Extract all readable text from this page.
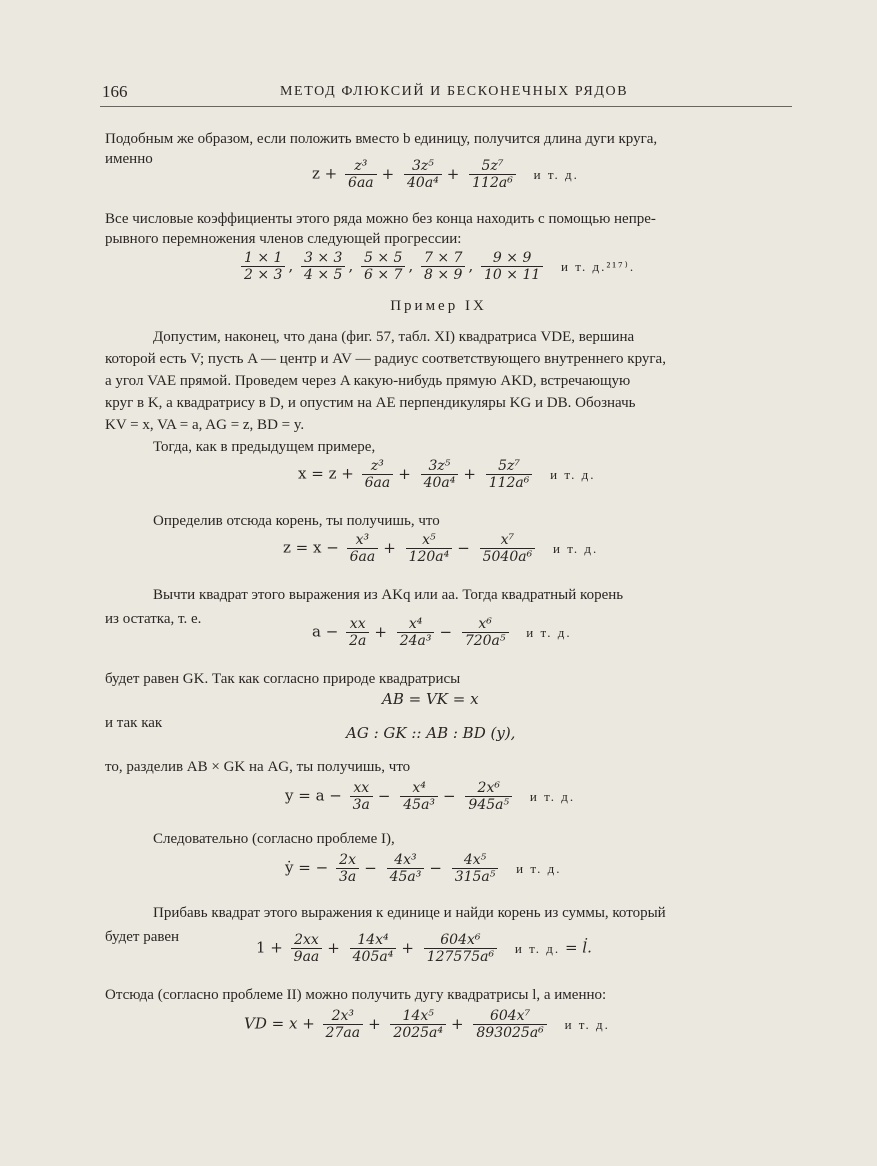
166	МЕТОД ФЛЮКСИЙ И БЕСКОНЕЧНЫХ РЯДОВ
Подобным же образом, если положить вместо b единицу, получится длина дуги круга,
именно
$z + \frac{\text{z³}}{6aa} + \frac{\text{3z⁵}}{\text{40a⁴}} + \frac{\text{5z⁷}}{\text{112a⁶}}$ и т. д.
Все числовые коэффициенты этого ряда можно без конца находить с помощью непре-
рывного перемножения членов следующей прогрессии:
$\frac{1 \times 1}{2 \times 3}$ , $\frac{3 \times 3}{4 \times 5}$ , $\frac{5 \times 5}{6 \times 7}$ , $\frac{7 \times 7}{8 \times 9}$ , $\frac{9 \times 9}{10 \times 11}$ и т. д.²¹⁷⁾.
Пример IX
Допустим, наконец, что дана (фиг. 57, табл. XI) квадратриса VDE, вершина
которой есть V; пусть A — центр и AV — радиус соответствующего внутреннего круга,
а угол VAE прямой. Проведем через A какую-нибудь прямую AKD, встречающую
круг в K, а квадратрису в D, и опустим на AE перпендикуляры KG и DB. Обозначь
KV = x, VA = a, AG = z, BD = y.
Тогда, как в предыдущем примере,
$x = z + \frac{\text{z³}}{6aa} + \frac{\text{3z⁵}}{\text{40a⁴}} + \frac{\text{5z⁷}}{\text{112a⁶}}$ и т. д.
Определив отсюда корень, ты получишь, что
$z = x - \frac{\text{x³}}{6aa} + \frac{\text{x⁵}}{\text{120a⁴}} - \frac{\text{x⁷}}{\text{5040a⁶}}$ и т. д.
Вычти квадрат этого выражения из AKq или aa. Тогда квадратный корень
из остатка, т. е.
$a - \frac{xx}{2a} + \frac{\text{x⁴}}{\text{24a³}} - \frac{\text{x⁶}}{\text{720a⁵}}$ и т. д.
будет равен GK. Так как согласно природе квадратрисы
AB = VK = x
и так как
AG : GK :: AB : BD (y),
то, разделив AB × GK на AG, ты получишь, что
$y = a - \frac{xx}{3a} - \frac{\text{x⁴}}{\text{45a³}} - \frac{\text{2x⁶}}{\text{945a⁵}}$ и т. д.
Следовательно (согласно проблеме I),
ẏ = − $\frac{2x}{3a} - \frac{\text{4x³}}{\text{45a³}} - \frac{\text{4x⁵}}{\text{315a⁵}}$ и т. д.
Прибавь квадрат этого выражения к единице и найди корень из суммы, который
будет равен
$1 + \frac{2xx}{9aa} + \frac{\text{14x⁴}}{\text{405a⁴}} + \frac{\text{604x⁶}}{\text{127575a⁶}}$ и т. д. = l̇.
Отсюда (согласно проблеме II) можно получить дугу квадратрисы l, а именно:
VD = $x + \frac{\text{2x³}}{27aa} + \frac{\text{14x⁵}}{\text{2025a⁴}} + \frac{\text{604x⁷}}{\text{893025a⁶}}$ и т. д.
